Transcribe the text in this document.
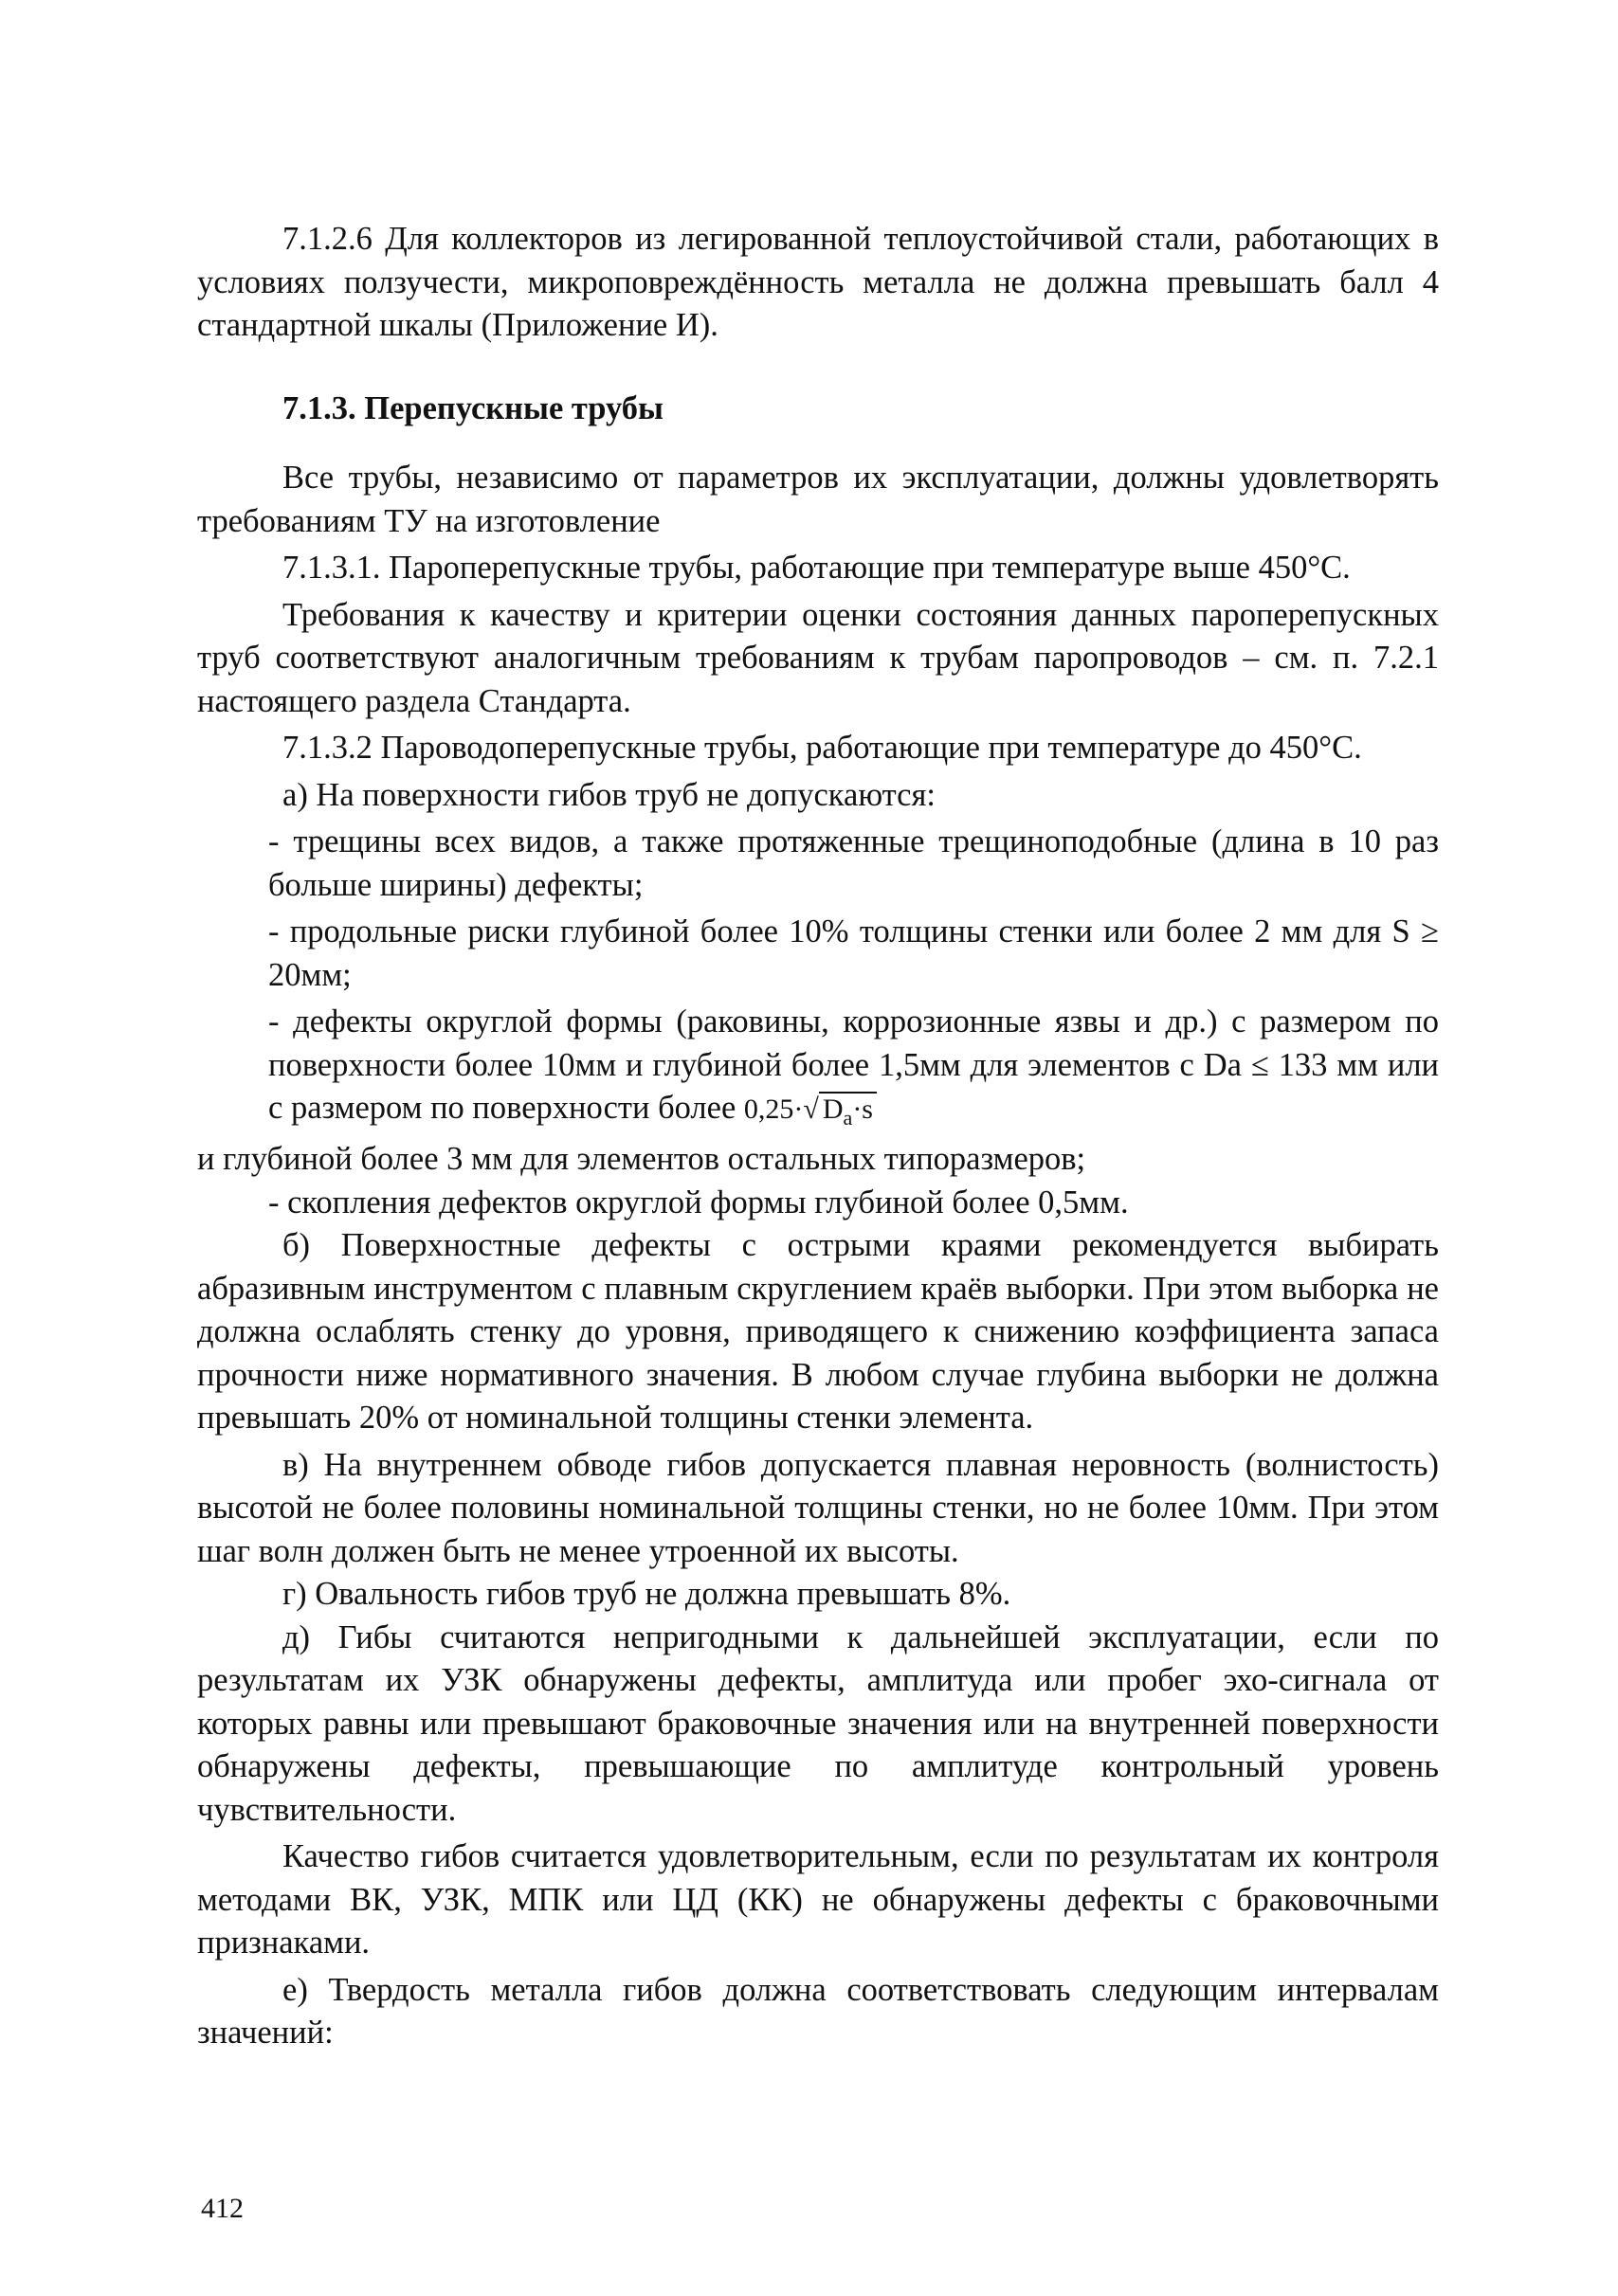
7.1.2.6 Для коллекторов из легированной теплоустойчивой стали, работающих в условиях ползучести, микроповреждённость металла не должна превышать балл 4 стандартной шкалы (Приложение И).

7.1.3. Перепускные трубы

Все трубы, независимо от параметров их эксплуатации, должны удовлетворять требованиям ТУ на изготовление

7.1.3.1. Пароперепускные трубы, работающие при температуре выше 450°С.

Требования к качеству и критерии оценки состояния данных пароперепускных труб соответствуют аналогичным требованиям к трубам паропроводов – см. п. 7.2.1 настоящего раздела Стандарта.

7.1.3.2 Пароводоперепускные трубы, работающие при температуре до 450°С.

а) На поверхности гибов труб не допускаются:

- трещины всех видов, а также протяженные трещиноподобные (длина в 10 раз больше ширины) дефекты;

- продольные риски глубиной более 10% толщины стенки или более 2 мм для S ≥ 20мм;

- дефекты округлой формы (раковины, коррозионные язвы и др.) с размером по поверхности более 10мм и глубиной более 1,5мм для элементов с Da ≤ 133 мм или с размером по поверхности более 0,25·√ $D_a\cdot s$

и глубиной более 3 мм для элементов остальных типоразмеров;

- скопления дефектов округлой формы глубиной более 0,5мм.

б) Поверхностные дефекты с острыми краями рекомендуется выбирать абразивным инструментом с плавным скруглением краёв выборки. При этом выборка не должна ослаблять стенку до уровня, приводящего к снижению коэффициента запаса прочности ниже нормативного значения. В любом случае глубина выборки не должна превышать 20% от номинальной толщины стенки элемента.

в) На внутреннем обводе гибов допускается плавная неровность (волнистость) высотой не более половины номинальной толщины стенки, но не более 10мм. При этом шаг волн должен быть не менее утроенной их высоты.

г) Овальность гибов труб не должна превышать 8%.

д) Гибы считаются непригодными к дальнейшей эксплуатации, если по результатам их УЗК обнаружены дефекты, амплитуда или пробег эхо-сигнала от которых равны или превышают браковочные значения или на внутренней поверхности обнаружены дефекты, превышающие по амплитуде контрольный уровень чувствительности.

Качество гибов считается удовлетворительным, если по результатам их контроля методами ВК, УЗК, МПК или ЦД (КК) не обнаружены дефекты с браковочными признаками.

е) Твердость металла гибов должна соответствовать следующим интервалам значений:

412
